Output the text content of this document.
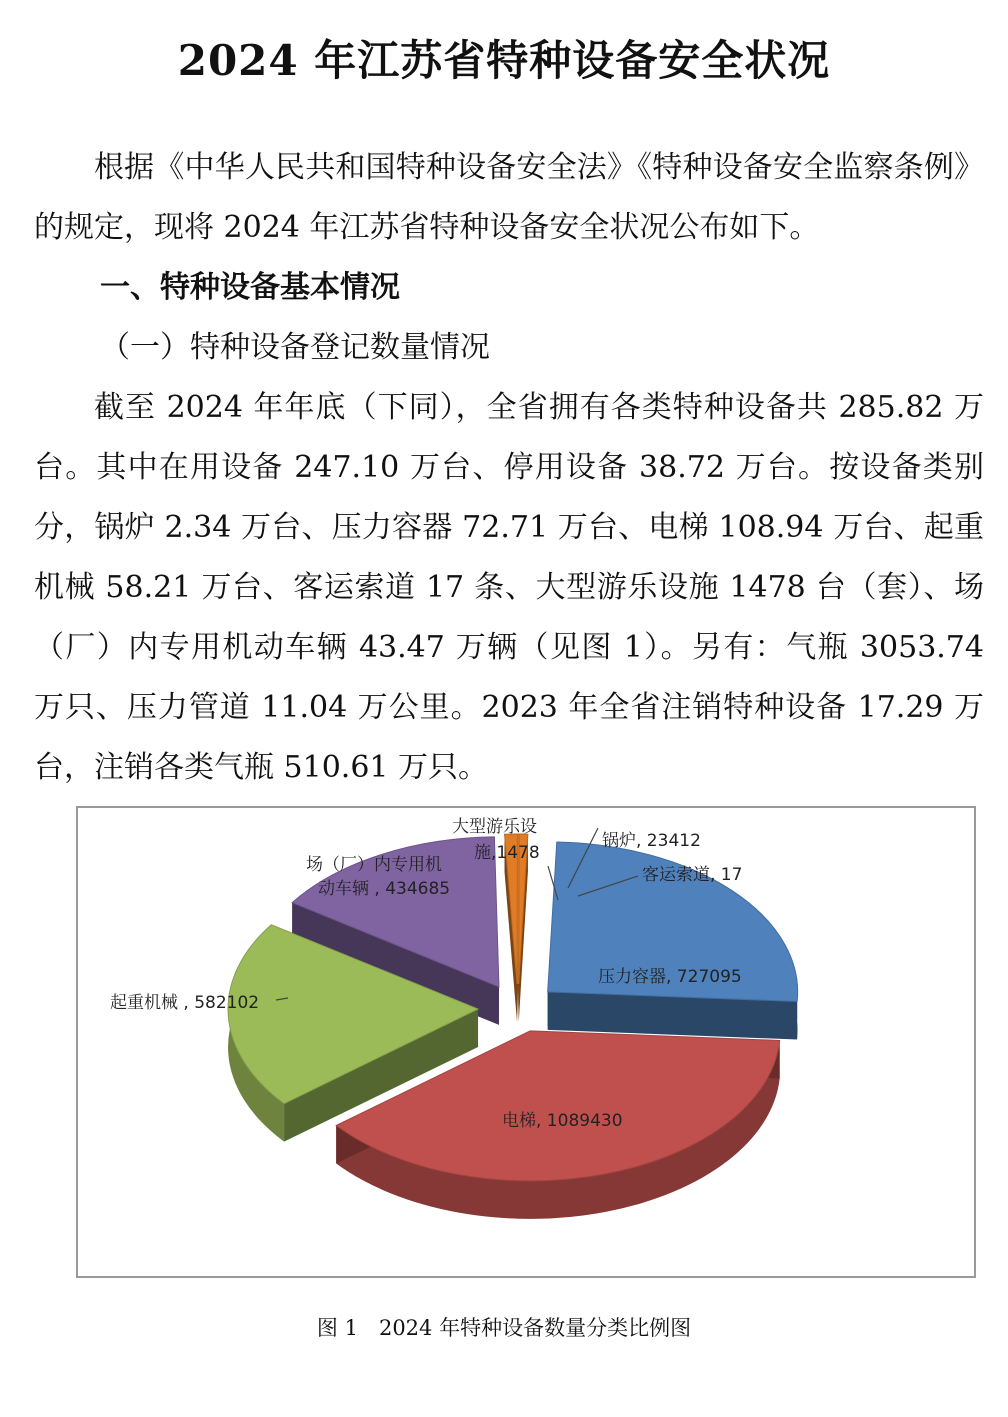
2024 年江苏省特种设备安全状况

根据《中华人民共和国特种设备安全法》《特种设备安全监察条例》的规定，现将 2024 年江苏省特种设备安全状况公布如下。

一、特种设备基本情况

（一）特种设备登记数量情况

截至 2024 年年底（下同），全省拥有各类特种设备共 285.82 万台。其中在用设备 247.10 万台、停用设备 38.72 万台。按设备类别分，锅炉 2.34 万台、压力容器 72.71 万台、电梯 108.94 万台、起重机械 58.21 万台、客运索道 17 条、大型游乐设施 1478 台（套）、场（厂）内专用机动车辆 43.47 万辆（见图 1）。另有：气瓶 3053.74 万只、压力管道 11.04 万公里。2023 年全省注销特种设备 17.29 万台，注销各类气瓶 510.61 万只。

大型游乐设
施,1478
锅炉, 23412
客运索道, 17
场（厂）内专用机
动车辆 , 434685
压力容器, 727095
起重机械 , 582102
电梯, 1089430

图 1　2024 年特种设备数量分类比例图
